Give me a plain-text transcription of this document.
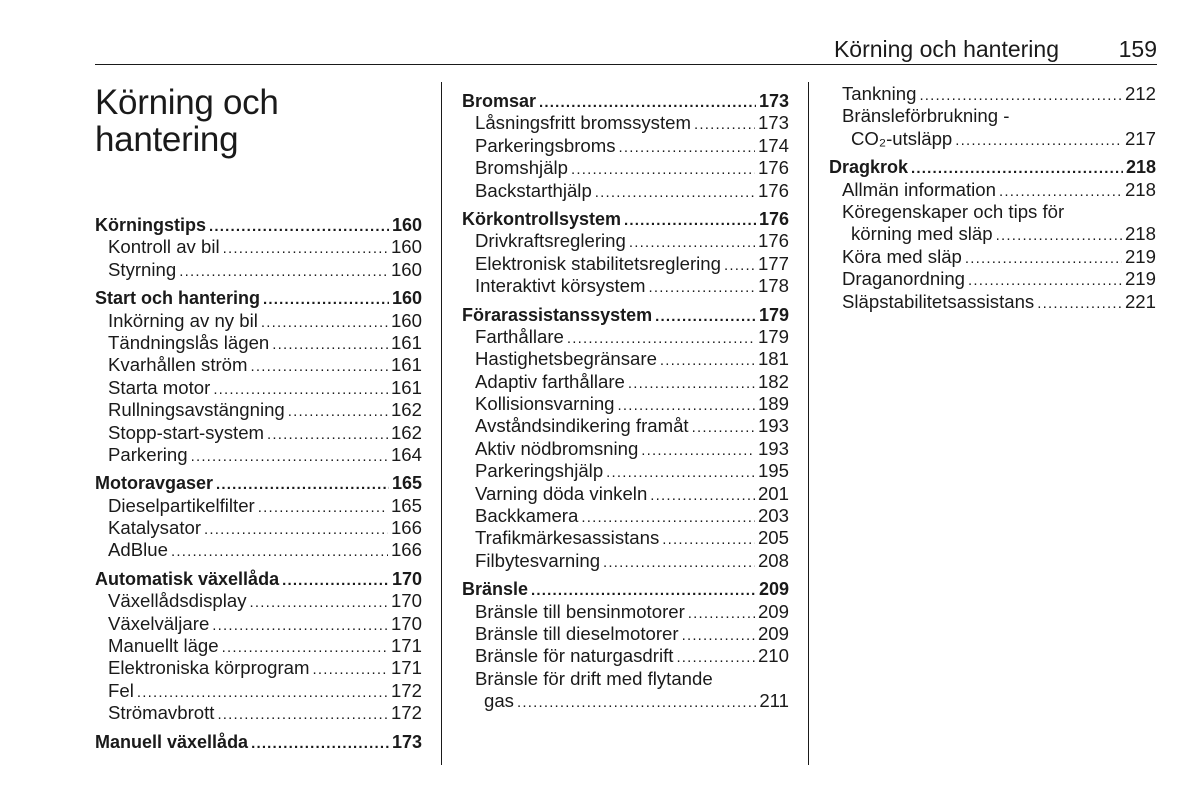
Körning och hantering	159
Körning och
hantering
Körningstips .....	160
Kontroll av bil .....	160
Styrning .....	160
Start och hantering .....	160
Inkörning av ny bil .....	160
Tändningslås lägen .....	161
Kvarhållen ström .....	161
Starta motor .....	161
Rullningsavstängning .....	162
Stopp-start-system .....	162
Parkering .....	164
Motoravgaser .....	165
Dieselpartikelfilter .....	165
Katalysator .....	166
AdBlue .....	166
Automatisk växellåda .....	170
Växellådsdisplay .....	170
Växelväljare .....	170
Manuellt läge .....	171
Elektroniska körprogram .....	171
Fel .....	172
Strömavbrott .....	172
Manuell växellåda .....	173
Bromsar .....	173
Låsningsfritt bromssystem .....	173
Parkeringsbroms .....	174
Bromshjälp .....	176
Backstarthjälp .....	176
Körkontrollsystem .....	176
Drivkraftsreglering .....	176
Elektronisk stabilitetsreglering ..... 177
Interaktivt körsystem .....	178
Förarassistanssystem .....	179
Farthållare .....	179
Hastighetsbegränsare .....	181
Adaptiv farthållare .....	182
Kollisionsvarning .....	189
Avståndsindikering framåt .....	193
Aktiv nödbromsning .....	193
Parkeringshjälp .....	195
Varning döda vinkeln .....	201
Backkamera .....	203
Trafikmärkesassistans .....	205
Filbytesvarning .....	208
Bränsle .....	209
Bränsle till bensinmotorer .....	209
Bränsle till dieselmotorer .....	209
Bränsle för naturgasdrift .....	210
Bränsle för drift med flytande
gas .....	211
Tankning .....	212
Bränsleförbrukning -
CO₂-utsläpp .....	217
Dragkrok .....	218
Allmän information .....	218
Köregenskaper och tips för
körning med släp .....	218
Köra med släp .....	219
Draganordning .....	219
Släpstabilitetsassistans .....	221
